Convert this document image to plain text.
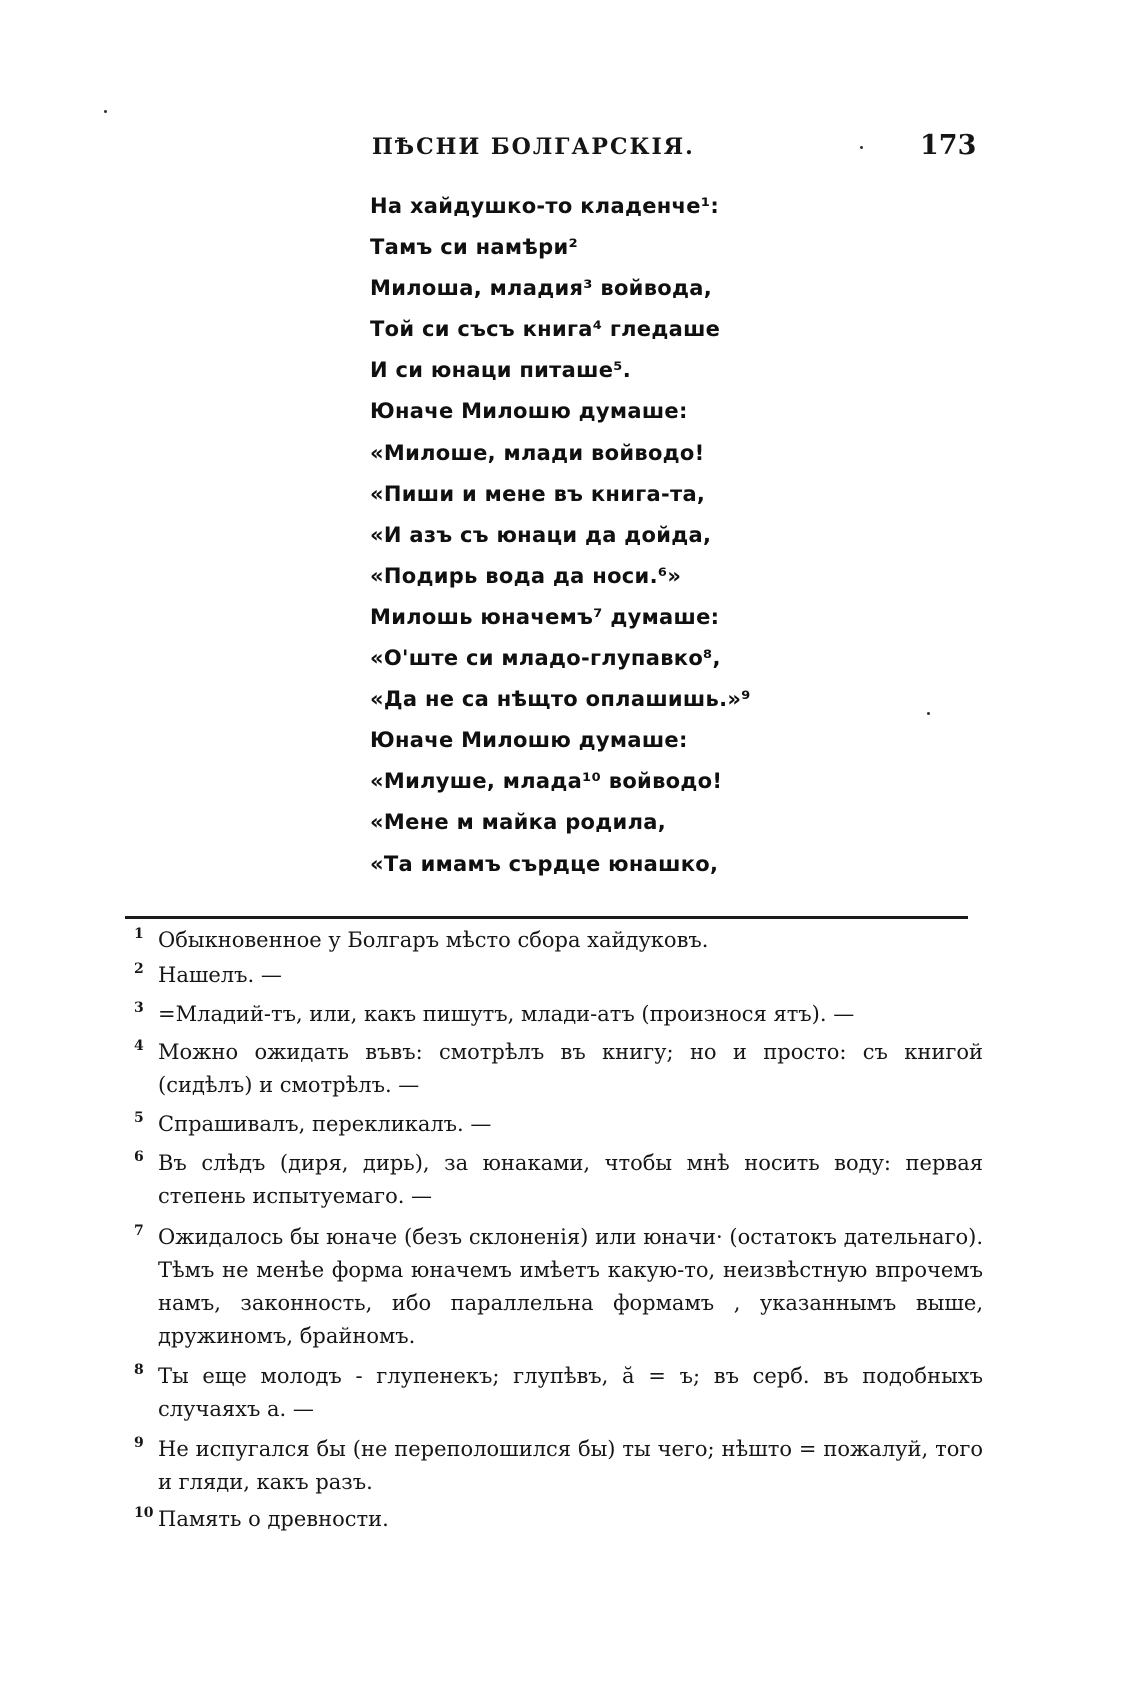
ПѢСНИ БОЛГАРСКІЯ.	173
На хайдушко-то кладенче¹:
Тамъ си намѣри²
Милоша, младия³ войвода,
Той си съсъ книга⁴ гледаше
И си юнаци питаше⁵.
Юначе Милошю думаше:
«Милоше, млади войводо!
«Пиши и мене въ книга-та,
«И азъ съ юнаци да дойда,
«Подирь вода да носи.⁶»
Милошь юначемъ⁷ думаше:
«О'ште си младо-глупавко⁸,
«Да не са нѣщто оплашишь.»⁹
Юначе Милошю думаше:
«Милуше, млада¹⁰ войводо!
«Мене м майка родила,
«Та имамъ сърдце юнашко,
1 Обыкновенное у Болгаръ мѣсто сбора хайдуковъ.
2 Нашелъ. —
3 =Младий-тъ, или, какъ пишутъ, млади-атъ (произнося ятъ). —
4 Можно ожидать въвъ: смотрѣлъ въ книгу; но и просто: съ книгой (сидѣлъ) и смотрѣлъ. —
5 Спрашивалъ, перекликалъ. —
6 Въ слѣдъ (диря, дирь), за юнаками, чтобы мнѣ носить воду: первая степень испытуемаго. —
7 Ожидалось бы юначе (безъ склоненія) или юначи· (остатокъ дательнаго). Тѣмъ не менѣе форма юначемъ имѣетъ какую-то, неизвѣстную впрочемъ намъ, законность, ибо параллельна формамъ , указаннымъ выше, дружиномъ, брайномъ.
8 Ты еще молодъ - глупенекъ; глупѣвъ, ă = ъ; въ серб. въ подобныхъ случаяхъ а. —
9 Не испугался бы (не переполошился бы) ты чего; нѣшто = пожалуй, того и гляди, какъ разъ.
10 Память о древности.
